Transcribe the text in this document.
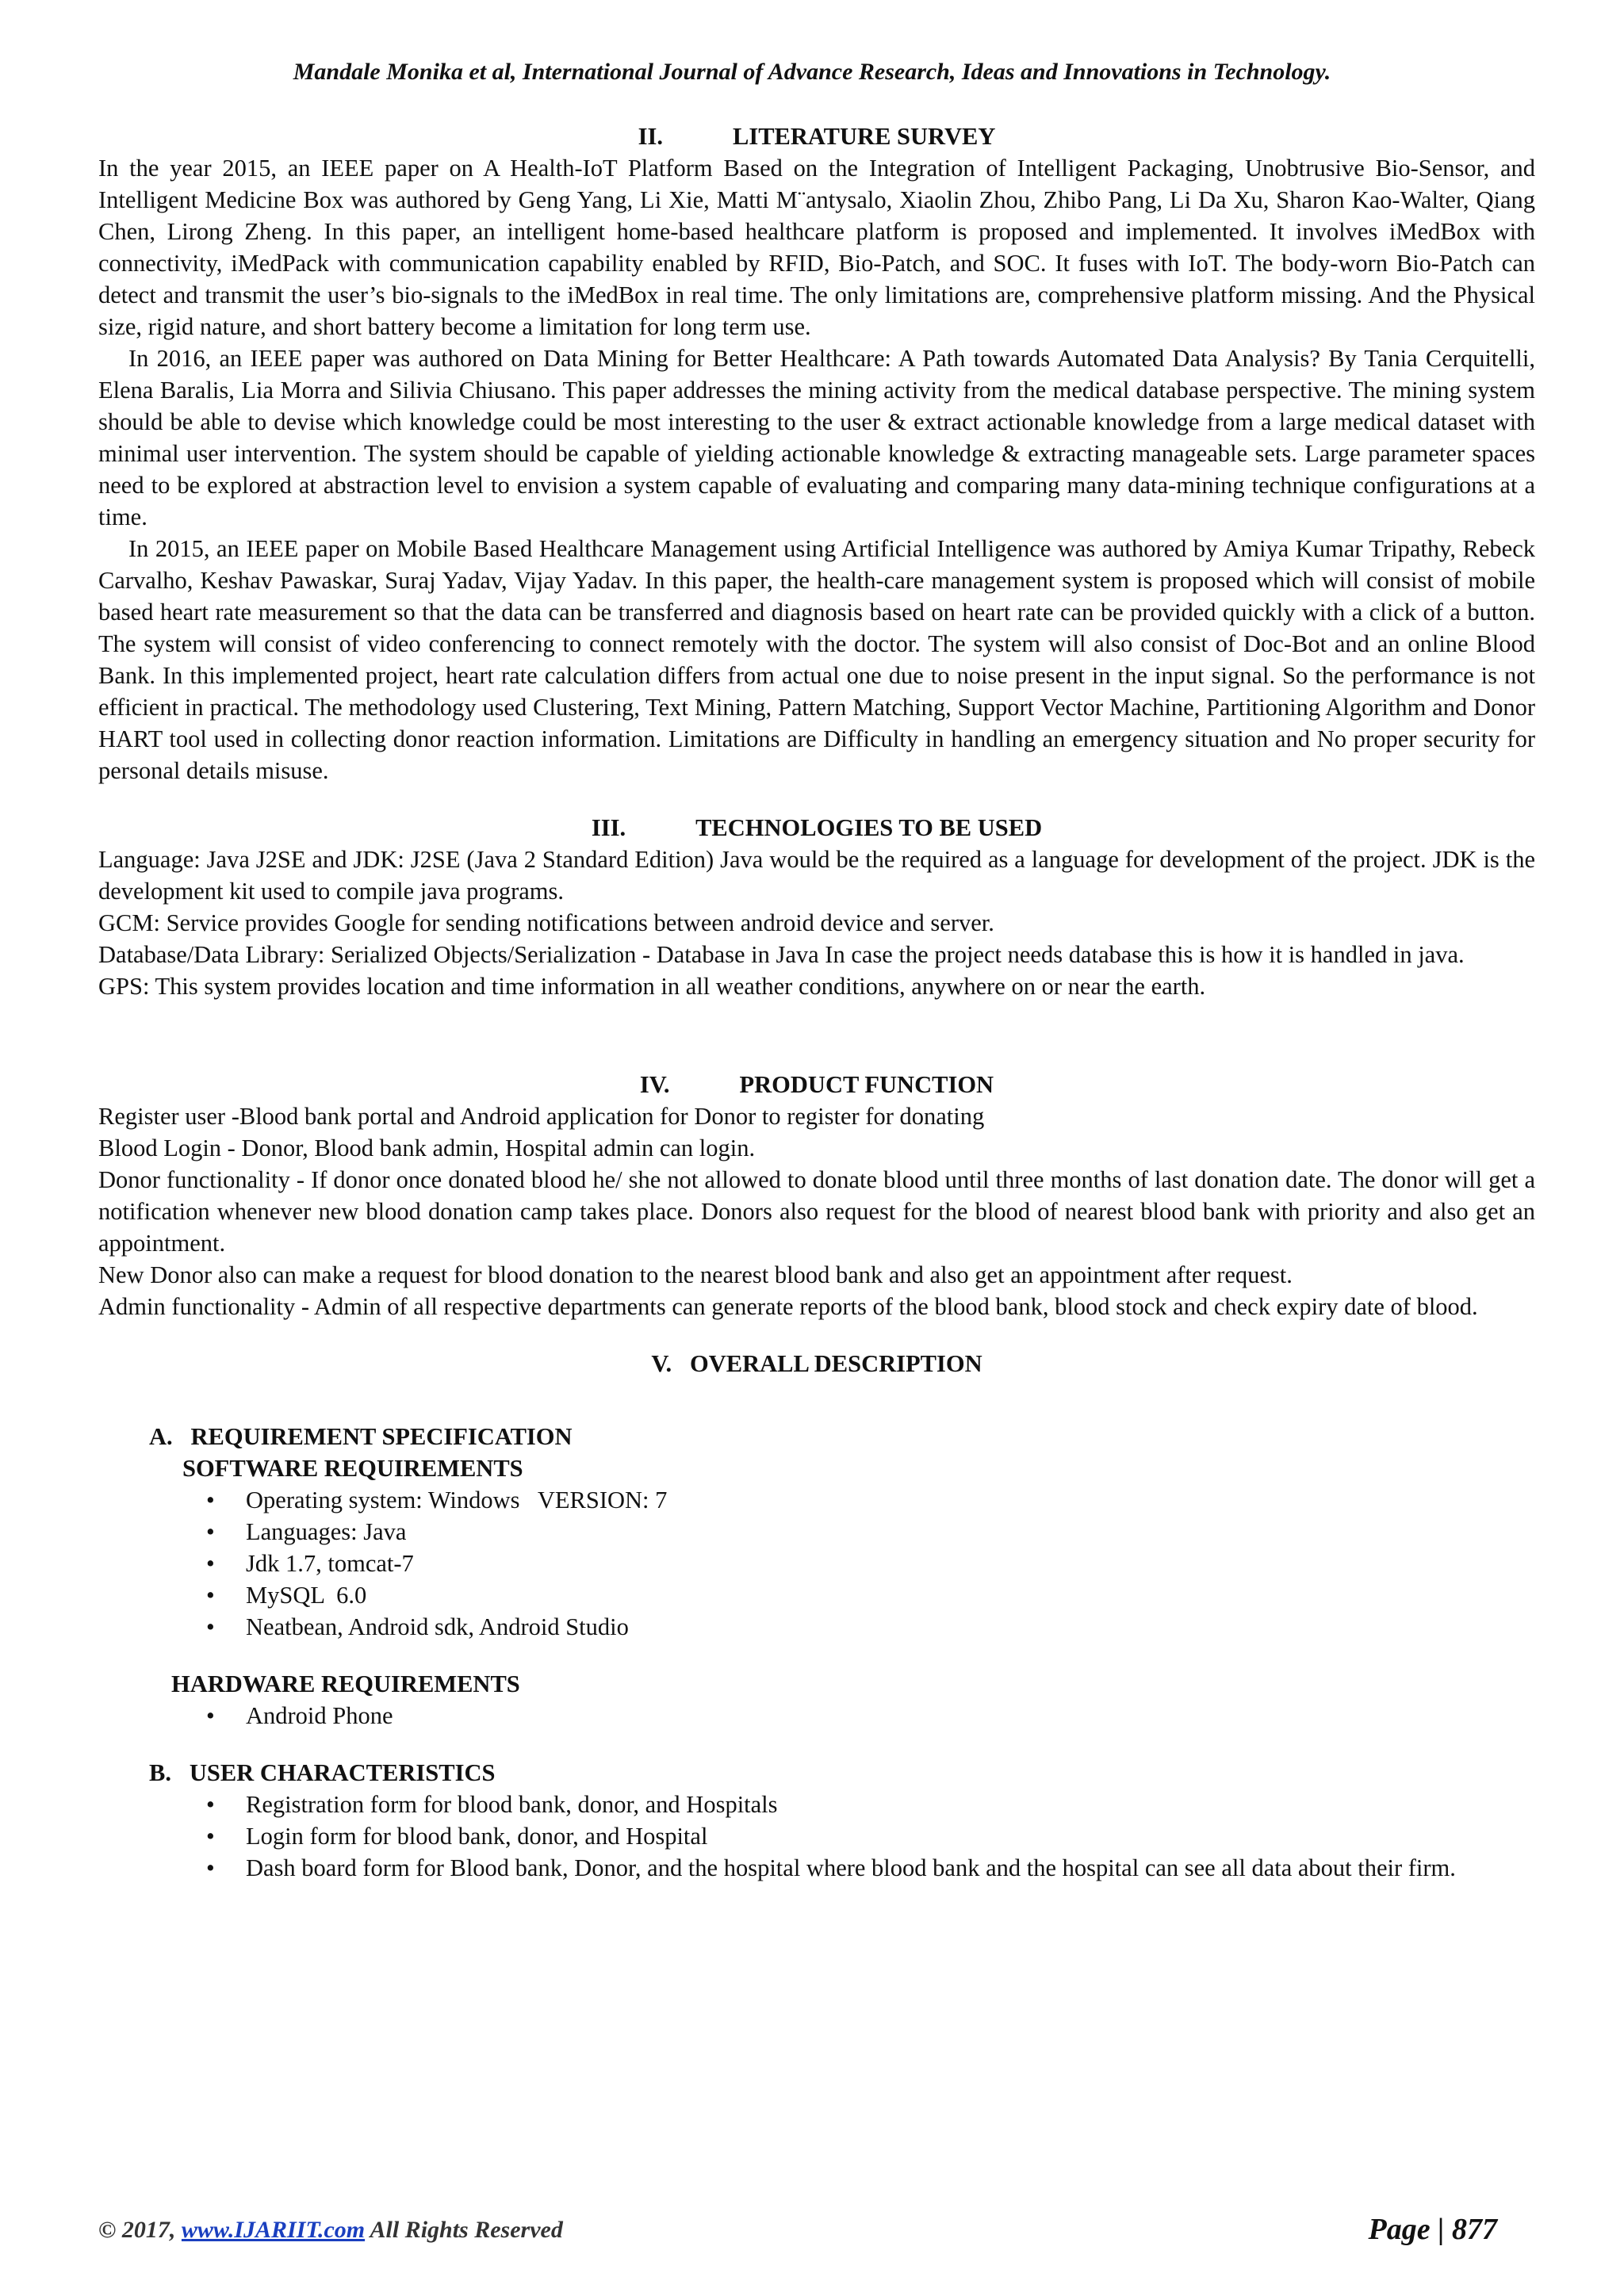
Mandale Monika et al, International Journal of Advance Research, Ideas and Innovations in Technology.

II.	LITERATURE SURVEY

In the year 2015, an IEEE paper on A Health-IoT Platform Based on the Integration of Intelligent Packaging, Unobtrusive Bio-Sensor, and Intelligent Medicine Box was authored by Geng Yang, Li Xie, Matti M¨antysalo, Xiaolin Zhou, Zhibo Pang, Li Da Xu, Sharon Kao-Walter, Qiang Chen, Lirong Zheng. In this paper, an intelligent home-based healthcare platform is proposed and implemented. It involves iMedBox with connectivity, iMedPack with communication capability enabled by RFID, Bio-Patch, and SOC. It fuses with IoT. The body-worn Bio-Patch can detect and transmit the user’s bio-signals to the iMedBox in real time. The only limitations are, comprehensive platform missing. And the Physical size, rigid nature, and short battery become a limitation for long term use.

In 2016, an IEEE paper was authored on Data Mining for Better Healthcare: A Path towards Automated Data Analysis? By Tania Cerquitelli, Elena Baralis, Lia Morra and Silivia Chiusano. This paper addresses the mining activity from the medical database perspective. The mining system should be able to devise which knowledge could be most interesting to the user & extract actionable knowledge from a large medical dataset with minimal user intervention. The system should be capable of yielding actionable knowledge & extracting manageable sets. Large parameter spaces need to be explored at abstraction level to envision a system capable of evaluating and comparing many data-mining technique configurations at a time.

In 2015, an IEEE paper on Mobile Based Healthcare Management using Artificial Intelligence was authored by Amiya Kumar Tripathy, Rebeck Carvalho, Keshav Pawaskar, Suraj Yadav, Vijay Yadav. In this paper, the health-care management system is proposed which will consist of mobile based heart rate measurement so that the data can be transferred and diagnosis based on heart rate can be provided quickly with a click of a button. The system will consist of video conferencing to connect remotely with the doctor. The system will also consist of Doc-Bot and an online Blood Bank. In this implemented project, heart rate calculation differs from actual one due to noise present in the input signal. So the performance is not efficient in practical. The methodology used Clustering, Text Mining, Pattern Matching, Support Vector Machine, Partitioning Algorithm and Donor HART tool used in collecting donor reaction information. Limitations are Difficulty in handling an emergency situation and No proper security for personal details misuse.

III.	TECHNOLOGIES TO BE USED

Language: Java J2SE and JDK: J2SE (Java 2 Standard Edition) Java would be the required as a language for development of the project. JDK is the development kit used to compile java programs.

GCM: Service provides Google for sending notifications between android device and server.

Database/Data Library: Serialized Objects/Serialization - Database in Java In case the project needs database this is how it is handled in java.

GPS: This system provides location and time information in all weather conditions, anywhere on or near the earth.

IV.	PRODUCT FUNCTION

Register user -Blood bank portal and Android application for Donor to register for donating

Blood Login - Donor, Blood bank admin, Hospital admin can login.

Donor functionality - If donor once donated blood he/ she not allowed to donate blood until three months of last donation date. The donor will get a notification whenever new blood donation camp takes place. Donors also request for the blood of nearest blood bank with priority and also get an appointment.

New Donor also can make a request for blood donation to the nearest blood bank and also get an appointment after request.

Admin functionality - Admin of all respective departments can generate reports of the blood bank, blood stock and check expiry date of blood.

V.   OVERALL DESCRIPTION

A.   REQUIREMENT SPECIFICATION

SOFTWARE REQUIREMENTS

• Operating system: Windows   VERSION: 7
• Languages: Java
• Jdk 1.7, tomcat-7
• MySQL  6.0
• Neatbean, Android sdk, Android Studio

HARDWARE REQUIREMENTS

• Android Phone

B.   USER CHARACTERISTICS

• Registration form for blood bank, donor, and Hospitals
• Login form for blood bank, donor, and Hospital
• Dash board form for Blood bank, Donor, and the hospital where blood bank and the hospital can see all data about their firm.
© 2017, www.IJARIIT.com All Rights Reserved	Page | 877
